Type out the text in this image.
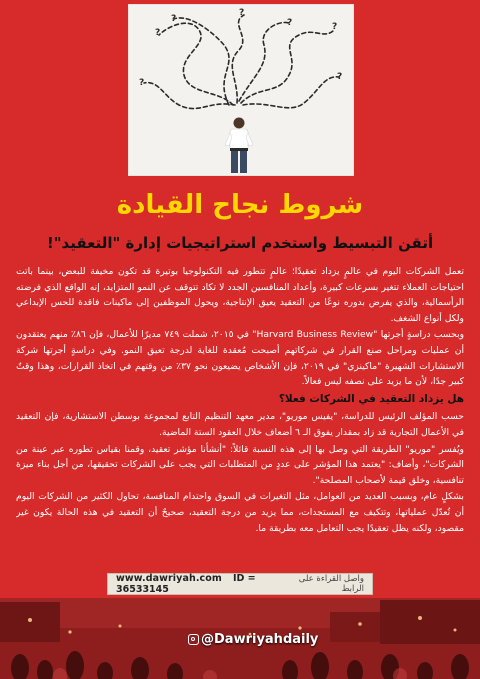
?
?
?
?
?
?
?
شروط نجاح القيادة
أتقن التبسيط واستخدم استراتيجيات إدارة "التعقيد"!

تعمل الشركات اليوم في عالمٍ يزداد تعقيدًا؛ عالمٍ تتطور فيه التكنولوجيا بوتيرة قد تكون مخيفة للبعض، بينما باتت احتياجات العملاء تتغير بسرعات كبيرة، وأعداد المنافسين الجدد لا تكاد تتوقف عن النمو المتزايد، إنه الواقع الذي فرضته الرأسمالية، والذي يفرض بدوره نوعًا من التعقيد يعيق الإنتاجية، ويحول الموظفين إلى ماكينات فاقدة للحس الإبداعي ولكل أنواع الشغف.

وبحسب دراسةٍ أجرتها "Harvard Business Review" في ٢٠١٥، شملت ٧٤٩ مديرًا للأعمال، فإن ٨٦٪ منهم يعتقدون أن عمليات ومراحل صنع القرار في شركاتهم أصبحت مُعقدة للغاية لدرجة تعيق النمو. وفي دراسةٍ أجرتها شركة الاستشارات الشهيرة "ماكينزي" في ٢٠١٩، فإن الأشخاص يضيعون نحو ٣٧٪ من وقتهم في اتخاذ القرارات، وهذا وقتٌ كبير جدًا، لأن ما يزيد على نصفه ليس فعالاً.

هل يزداد التعقيد في الشركات فعلا؟

حسب المؤلف الرئيس للدراسة، "يفيس موريو"، مدير معهد التنظيم التابع لمجموعة بوسطن الاستشارية، فإن التعقيد في الأعمال التجارية قد زاد بمقدار يفوق الـ ٦ أضعاف خلال العقود الستة الماضية.

ويُفسر "موريو" الطريقة التي وصل بها إلى هذه النسبة قائلاً: "أنشأنا مؤشر تعقيد، وقمنا بقياس تطوره عبر عينة من الشركات"، وأضاف: "يعتمد هذا المؤشر على عددٍ من المتطلبات التي يجب على الشركات تحقيقها، من أجل بناء ميزة تنافسية، وخلق قيمة لأصحاب المصلحة".

بشكلٍ عام، وبسبب العديد من العوامل، مثل التغيرات في السوق واحتدام المنافسة، تحاول الكثير من الشركات اليوم أن تُعدّل عملياتها، وتتكيف مع المستجدات، مما يزيد من درجة التعقيد، صحيحٌ أن التعقيد في هذه الحالة يكون غير مقصود، ولكنه يظل تعقيدًا يجب التعامل معه بطريقة ما.

www.dawriyah.com ID = 36533145
واصل القراءة على الرابط
@Dawriyahdaily
